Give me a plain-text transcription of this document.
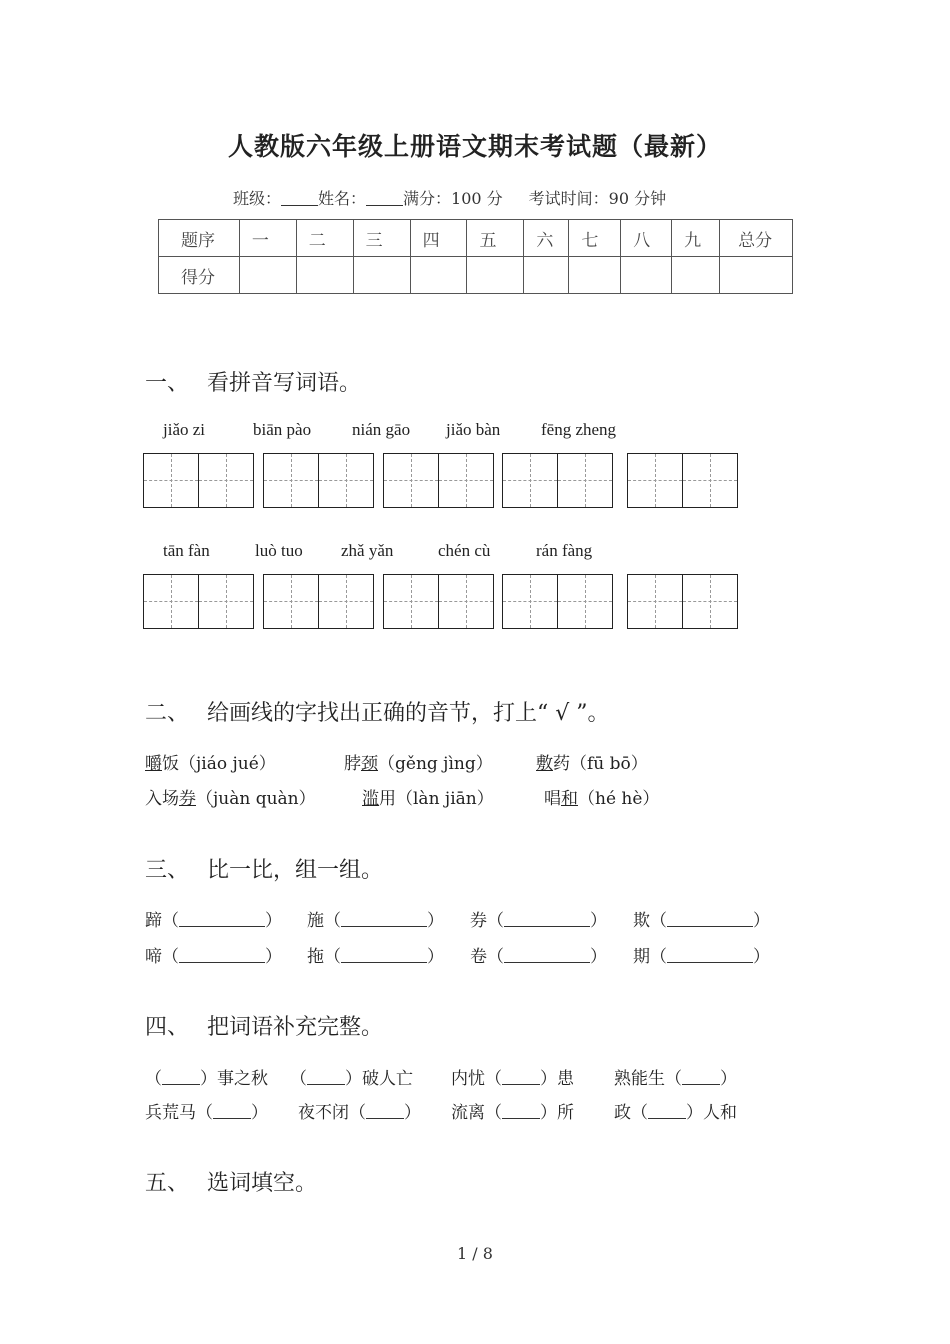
人教版六年级上册语文期末考试题（最新）
班级： 姓名： 满分：100 分 考试时间：90 分钟
题序	一	二	三	四	五	六	七	八	九	总分
得分										
一、 看拼音写词语。
jiǎo zi	biān pào nián gāo jiǎo bàn fēng zheng
tān fàn	luò tuo zhǎ yǎn	chén cù	rán fàng
二、 给画线的字找出正确的音节，打上“ √ ”。
嚼饭（jiáo jué）	脖颈（gěng jìng）	敷药（fū bō）
入场券（juàn quàn）	滥用（làn jiān）	唱和（hé hè）
三、 比一比，组一组。
蹄（	） 施（	） 券（	） 欺（	）
啼（	） 拖（	） 卷（	） 期（	）
四、 把词语补充完整。
（ ）事之秋 （ ）破人亡 内忧（ ）患 熟能生（ ）
兵荒马（ ） 夜不闭（ ） 流离（ ）所 政（ ）人和
五、 选词填空。
1 / 8
